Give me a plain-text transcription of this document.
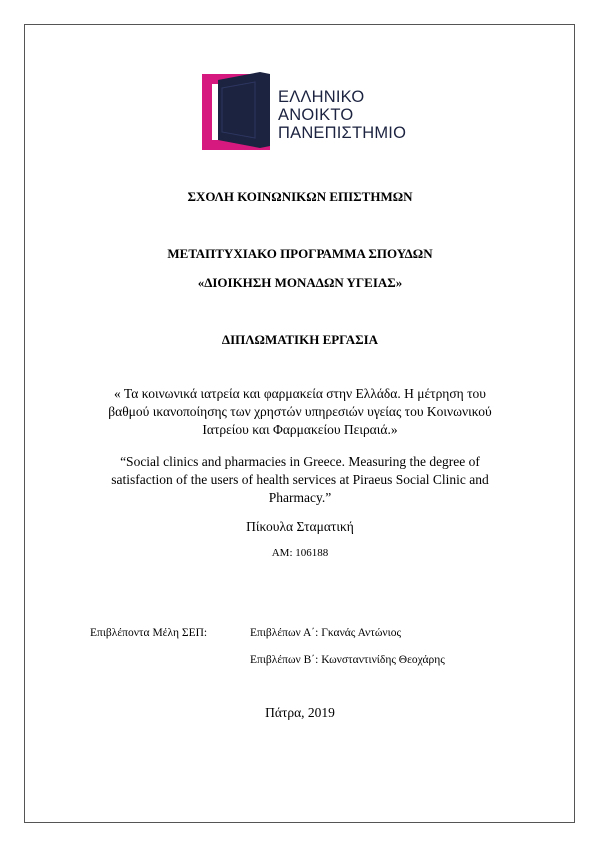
ΕΛΛΗΝΙΚΟ
ΑΝΟΙΚΤΟ
ΠΑΝΕΠΙΣΤΗΜΙΟ
ΣΧΟΛΗ ΚΟΙΝΩΝΙΚΩΝ ΕΠΙΣΤΗΜΩΝ
ΜΕΤΑΠΤΥΧΙΑΚΟ ΠΡΟΓΡΑΜΜΑ ΣΠΟΥΔΩΝ
«ΔΙΟΙΚΗΣΗ ΜΟΝΑΔΩΝ ΥΓΕΙΑΣ»
ΔΙΠΛΩΜΑΤΙΚΗ ΕΡΓΑΣΙΑ
« Τα κοινωνικά ιατρεία και φαρμακεία στην Ελλάδα. Η μέτρηση του
βαθμού ικανοποίησης των χρηστών υπηρεσιών υγείας του Κοινωνικού
Ιατρείου και Φαρμακείου Πειραιά.»
“Social clinics and pharmacies in Greece. Measuring the degree of
satisfaction of the users of health services at Piraeus Social Clinic and
Pharmacy.”
Πίκουλα Σταματική
ΑΜ: 106188
Επιβλέποντα Μέλη ΣΕΠ:	Επιβλέπων Α΄: Γκανάς Αντώνιος
Επιβλέπων Β΄: Κωνσταντινίδης Θεοχάρης
Πάτρα, 2019
